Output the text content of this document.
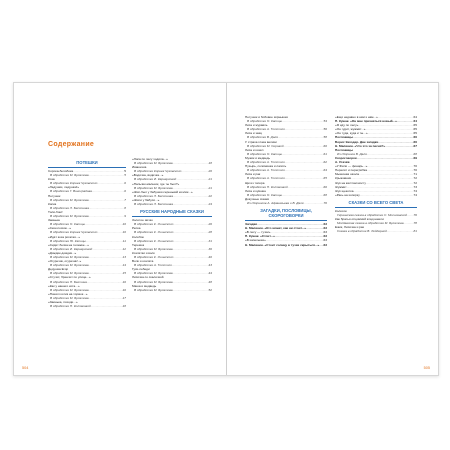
Содержание
ПОТЕШКИ
Сорока-белобока .....	5
В обработке М. Булатова .....	5
Коза
В обработке Корнея Чуковского .....	6
«Ладушки, ладушки!»
В обработке Г. Виноградова .....	6
Петушок
В обработке М. Булатова .....	7
Киска
В обработке Л. Бессонова .....	8
Тили-бом!
В обработке М. Булатова .....	9
Заинька
В обработке О. Капицы .....	10
«Скок-поскок...»
В обработке Корнея Чуковского .....	10
«Идёт коза рогатая...»
В обработке Ю. Капицы .....	11
«Сидит белка на тележке...»
В обработке И. Карнауховой .....	12
«Дождик-дождик...»
В обработке М. Булатова .....	13
«Огуречик, огуречик!..»
В обработке М. Булатова .....	14
Дедушка Егор
В обработке М. Булатова .....	15
«Стучит, бренчит по улице...»
В обработке П. Бахтина .....	16
«Как у нашего кота...»
В обработке М. Булатова .....	16
«Пошёл котик на торжок...»
В обработке М. Булатова .....	17
«Заинька, походи...»
В обработке Н. Колпаковой .....	18
«Лиса по лесу ходила...»
В обработке М. Булатова .....	18
Ивашечка
В обработке Корнея Чуковского .....	20
«Водичка, водичка...»
В обработке И. Карнауховой .....	21
«Пальчик-мальчик, где ты был?»
В обработке М. Булатова .....	21
«Жил-был у бабушки серенький козлик...»
В обработке Л. Бессонова .....	22
«Жили у бабуси...»
В обработке Л. Бессонова .....	24
РУССКИЕ НАРОДНЫЕ СКАЗКИ
Золотое яичко
В обработке К. Ушинского .....	26
Репка
В обработке К. Ушинского .....	28
Колобок
В обработке К. Ушинского .....	31
Теремок
В обработке М. Булатова .....	36
Козлятки и волк
В обработке К. Ушинского .....	40
Волк и козлята
В обработке А. Толстого .....	43
Гуси-лебеди
В обработке М. Булатова .....	44
Лисичка со скалочкой
В обработке М. Булатова .....	48
Маша и медведь
В обработке М. Булатова .....	52
504
Петушок и бобовое зёрнышко
В обработке О. Капицы .....	54
Лиса и журавль
В обработке А. Толстого .....	56
Лиса и заяц
В обработке В. Даля .....	58
У страха глаза велики
В обработке М. Серовой .....	60
Лиса и козёл
В обработке О. Капицы .....	61
Мужик и медведь
В обработке А. Толстого .....	62
Пузырь, соломинка и лапоть
В обработке А. Толстого .....	64
Лиса и рак
В обработке А. Толстого .....	65
Щи из топора
В обработке Н. Колпаковой .....	66
Лиса и кувшин
В обработке О. Капицы .....	68
Докучные сказки
Из сборников А. Афанасьева и В. Даля .....	70
ЗАГАДКИ, ПОСЛОВИЦЫ, СКОРОГОВОРКИ
Загадки .....	63
Н. Малинин. «Кто может, как ни стоит...» .....	63
«В лесу — тучки» .....	63
П. Кушак. «Стоит...» .....	63
«В капельках» .....	63
Н. Малинин. «Стоит солнцу в тучах скрыться...» ..... 63
«Ещё недавно в нём к нам...» .....	64
П. Кушак. «Он мне признаться новый...» .....	64
«Я иду по лесу» .....	65
«Он гудит, жужжит...» .....	65
«Он туда, куда и ты...» .....	65
Пословицы .....	66
Борис Заходер. Две загадки .....	66
Н. Малинин. «Что это за песня?» .....	67
Пословицы
Из сборника В. Даля .....	68
Скороговорки .....	69
А. Усачёв
«У Фили — фонарь...» .....	70
Перелёт и перегрёбка .....	70
Мышиная школа .....	71
Крыжовник .....	72
Жук на жёлтом мосту .....	72
Жужжит .....	73
Жук щекотка .....	74
«Рак» на копорку .....	74
СКАЗКИ СО ВСЕГО СВЕТА
Колосок
Украинская сказка в обработке С. Могилевской ..... 76
Как братья отцовский клад нашли
Молдавская сказка в обработке М. Булатова .....	78
Ежик, Лисичка и рак
Сказка в обработке В. Лейдерной .....	81
505
